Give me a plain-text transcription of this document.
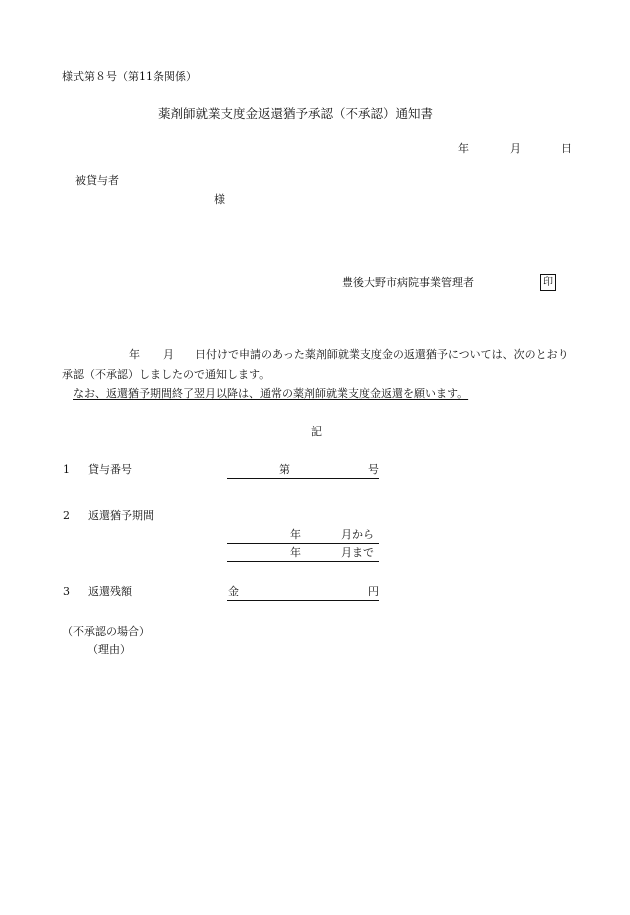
様式第８号（第11条関係）
薬剤師就業支度金返還猶予承認（不承認）通知書
年	月	日
被貸与者
様
豊後大野市病院事業管理者	印
年 月 日付けで申請のあった薬剤師就業支度金の返還猶予については、次のとおり
承認（不承認）しましたので通知します。
なお、返還猶予期間終了翌月以降は、通常の薬剤師就業支度金返還を願います。
記
1 貸与番号	第	号
2 返還猶予期間
年	月から
年	月まで
3 返還残額	金	円
（不承認の場合）
（理由）
